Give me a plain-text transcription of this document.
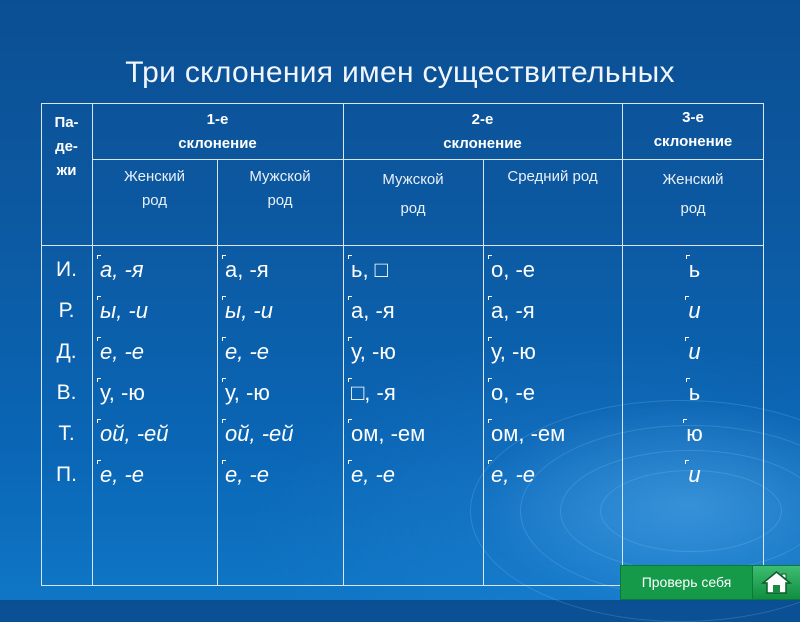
Три склонения имен существительных
Па-
де-
жи
1-е
склонение
2-е
склонение
3-е
склонение
Женский
род
Мужской
род
Мужской
род
Средний род	Женский
род
И.
Р.
Д.
В.
Т.
П.
а, -я
ы, -и
е, -е
у, -ю
ой, -ей
е, -е
а, -я
ы, -и
е, -е
у, -ю
ой, -ей
е, -е
ь, □
а, -я
у, -ю
□, -я
ом, -ем
е, -е
о, -е
а, -я
у, -ю
о, -е
ом, -ем
е, -е
ь
и
и
ь
ю
и
Проверь себя
